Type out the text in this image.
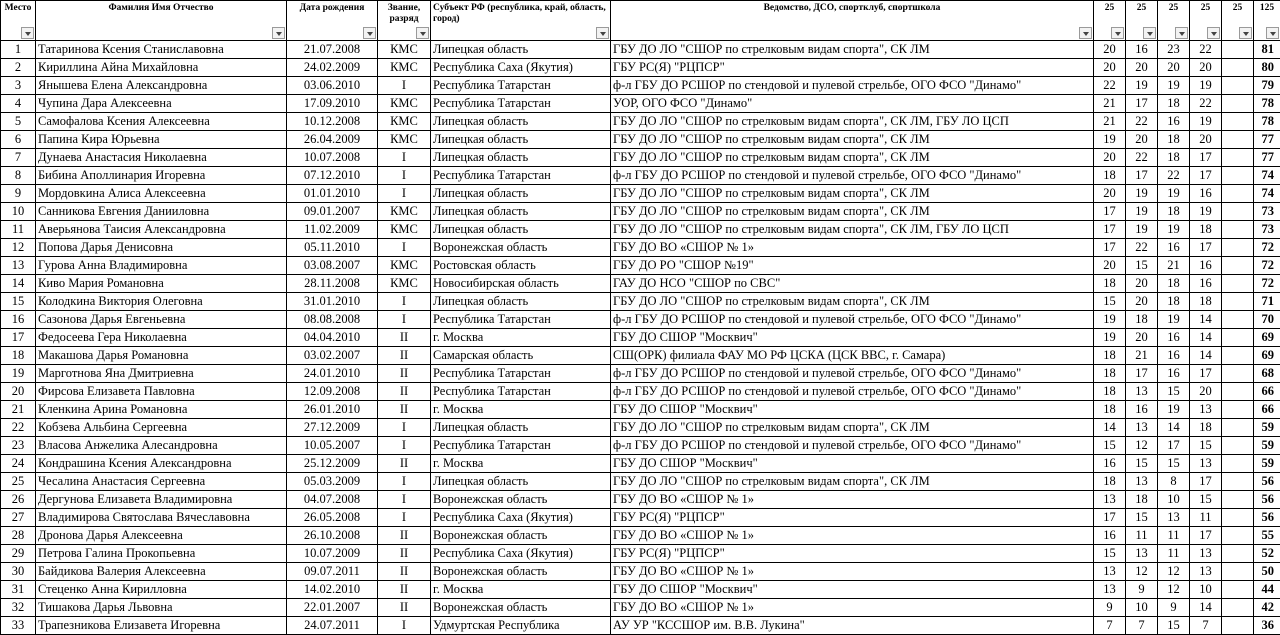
Место	Фамилия Имя Отчество	Дата рождения	Звание, разряд	Субъект РФ (республика, край, область, город)	Ведомство, ДСО, спортклуб, спортшкола	25	25	25	25	25	125

1	Татаринова Ксения Станиславовна	21.07.2008	КМС	Липецкая область	ГБУ ДО ЛО "СШОР по стрелковым видам спорта", СК ЛМ	20	16	23	22		81
2	Кириллина Айна Михайловна	24.02.2009	КМС	Республика Саха (Якутия)	ГБУ РС(Я) "РЦПСР"	20	20	20	20		80
3	Янышева Елена Александровна	03.06.2010	I	Республика Татарстан	ф-л ГБУ ДО РСШОР по стендовой и пулевой стрельбе, ОГО ФСО "Динамо"	22	19	19	19		79
4	Чупина Дара Алексеевна	17.09.2010	КМС	Республика Татарстан	УОР, ОГО ФСО "Динамо"	21	17	18	22		78
5	Самофалова Ксения Алексеевна	10.12.2008	КМС	Липецкая область	ГБУ ДО ЛО "СШОР по стрелковым видам спорта", СК ЛМ, ГБУ ЛО ЦСП	21	22	16	19		78
6	Папина Кира Юрьевна	26.04.2009	КМС	Липецкая область	ГБУ ДО ЛО "СШОР по стрелковым видам спорта", СК ЛМ	19	20	18	20		77
7	Дунаева Анастасия Николаевна	10.07.2008	I	Липецкая область	ГБУ ДО ЛО "СШОР по стрелковым видам спорта", СК ЛМ	20	22	18	17		77
8	Бибина Аполлинария Игоревна	07.12.2010	I	Республика Татарстан	ф-л ГБУ ДО РСШОР по стендовой и пулевой стрельбе, ОГО ФСО "Динамо"	18	17	22	17		74
9	Мордовкина Алиса Алексеевна	01.01.2010	I	Липецкая область	ГБУ ДО ЛО "СШОР по стрелковым видам спорта", СК ЛМ	20	19	19	16		74
10	Санникова Евгения Данииловна	09.01.2007	КМС	Липецкая область	ГБУ ДО ЛО "СШОР по стрелковым видам спорта", СК ЛМ	17	19	18	19		73
11	Аверьянова Таисия Александровна	11.02.2009	КМС	Липецкая область	ГБУ ДО ЛО "СШОР по стрелковым видам спорта", СК ЛМ, ГБУ ЛО ЦСП	17	19	19	18		73
12	Попова Дарья Денисовна	05.11.2010	I	Воронежская область	ГБУ ДО ВО «СШОР № 1»	17	22	16	17		72
13	Гурова Анна Владимировна	03.08.2007	КМС	Ростовская область	ГБУ ДО РО "СШОР №19"	20	15	21	16		72
14	Киво Мария Романовна	28.11.2008	КМС	Новосибирская область	ГАУ ДО НСО "СШОР по СВС"	18	20	18	16		72
15	Колодкина Виктория Олеговна	31.01.2010	I	Липецкая область	ГБУ ДО ЛО "СШОР по стрелковым видам спорта", СК ЛМ	15	20	18	18		71
16	Сазонова Дарья Евгеньевна	08.08.2008	I	Республика Татарстан	ф-л ГБУ ДО РСШОР по стендовой и пулевой стрельбе, ОГО ФСО "Динамо"	19	18	19	14		70
17	Федосеева Гера Николаевна	04.04.2010	II	г. Москва	ГБУ ДО СШОР "Москвич"	19	20	16	14		69
18	Макашова Дарья Романовна	03.02.2007	II	Самарская область	СШ(ОРК) филиала ФАУ МО РФ ЦСКА (ЦСК ВВС, г. Самара)	18	21	16	14		69
19	Марготнова Яна Дмитриевна	24.01.2010	II	Республика Татарстан	ф-л ГБУ ДО РСШОР по стендовой и пулевой стрельбе, ОГО ФСО "Динамо"	18	17	16	17		68
20	Фирсова Елизавета Павловна	12.09.2008	II	Республика Татарстан	ф-л ГБУ ДО РСШОР по стендовой и пулевой стрельбе, ОГО ФСО "Динамо"	18	13	15	20		66
21	Кленкина Арина Романовна	26.01.2010	II	г. Москва	ГБУ ДО СШОР "Москвич"	18	16	19	13		66
22	Кобзева Альбина Сергеевна	27.12.2009	I	Липецкая область	ГБУ ДО ЛО "СШОР по стрелковым видам спорта", СК ЛМ	14	13	14	18		59
23	Власова Анжелика Алесандровна	10.05.2007	I	Республика Татарстан	ф-л ГБУ ДО РСШОР по стендовой и пулевой стрельбе, ОГО ФСО "Динамо"	15	12	17	15		59
24	Кондрашина Ксения Александровна	25.12.2009	II	г. Москва	ГБУ ДО СШОР "Москвич"	16	15	15	13		59
25	Чесалина Анастасия Сергеевна	05.03.2009	I	Липецкая область	ГБУ ДО ЛО "СШОР по стрелковым видам спорта", СК ЛМ	18	13	8	17		56
26	Дергунова Елизавета Владимировна	04.07.2008	I	Воронежская область	ГБУ ДО ВО «СШОР № 1»	13	18	10	15		56
27	Владимирова Святослава Вячеславовна	26.05.2008	I	Республика Саха (Якутия)	ГБУ РС(Я) "РЦПСР"	17	15	13	11		56
28	Дронова Дарья Алексеевна	26.10.2008	II	Воронежская область	ГБУ ДО ВО «СШОР № 1»	16	11	11	17		55
29	Петрова Галина Прокопьевна	10.07.2009	II	Республика Саха (Якутия)	ГБУ РС(Я) "РЦПСР"	15	13	11	13		52
30	Байдикова Валерия Алексеевна	09.07.2011	II	Воронежская область	ГБУ ДО ВО «СШОР № 1»	13	12	12	13		50
31	Стеценко Анна Кирилловна	14.02.2010	II	г. Москва	ГБУ ДО СШОР "Москвич"	13	9	12	10		44
32	Тишакова Дарья Львовна	22.01.2007	II	Воронежская область	ГБУ ДО ВО «СШОР № 1»	9	10	9	14		42
33	Трапезникова Елизавета Игоревна	24.07.2011	I	Удмуртская Республика	АУ УР "КССШОР им. В.В. Лукина"	7	7	15	7		36
